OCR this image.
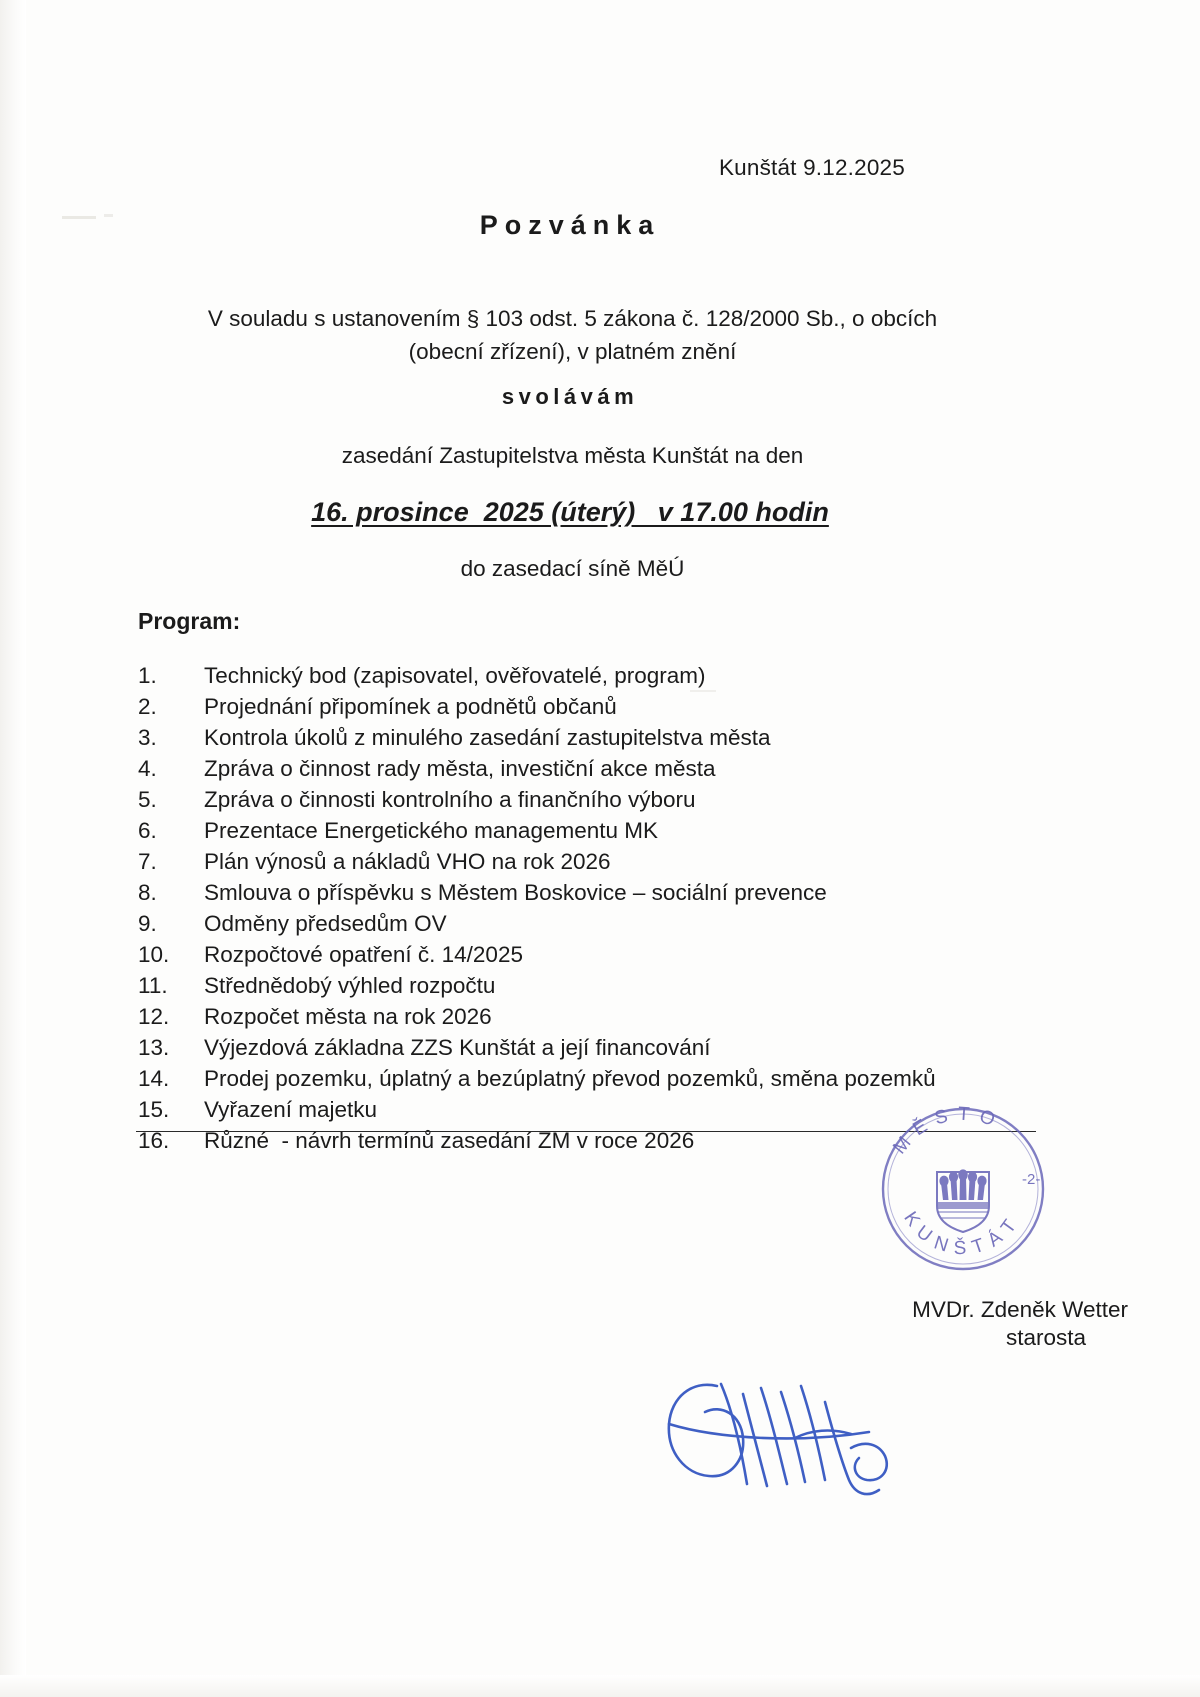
Kunštát 9.12.2025
Pozvánka
V souladu s ustanovením § 103 odst. 5 zákona č. 128/2000 Sb., o obcích
(obecní zřízení), v platném znění
svolávám
zasedání Zastupitelstva města Kunštát na den
16. prosince  2025 (úterý)   v 17.00 hodin
do zasedací síně MěÚ
Program:
1.	Technický bod (zapisovatel, ověřovatelé, program)
2.	Projednání připomínek a podnětů občanů
3.	Kontrola úkolů z minulého zasedání zastupitelstva města
4.	Zpráva o činnost rady města, investiční akce města
5.	Zpráva o činnosti kontrolního a finančního výboru
6.	Prezentace Energetického managementu MK
7.	Plán výnosů a nákladů VHO na rok 2026
8.	Smlouva o příspěvku s Městem Boskovice – sociální prevence
9.	Odměny předsedům OV
10.	Rozpočtové opatření č. 14/2025
11.	Střednědobý výhled rozpočtu
12.	Rozpočet města na rok 2026
13.	Výjezdová základna ZZS Kunštát a její financování
14.	Prodej pozemku, úplatný a bezúplatný převod pozemků, směna pozemků
15.	Vyřazení majetku
16.	Různé  - návrh termínů zasedání ZM v roce 2026	MĚSTO
KUNŠTÁT
-2-
MVDr. Zdeněk Wetter
starosta
